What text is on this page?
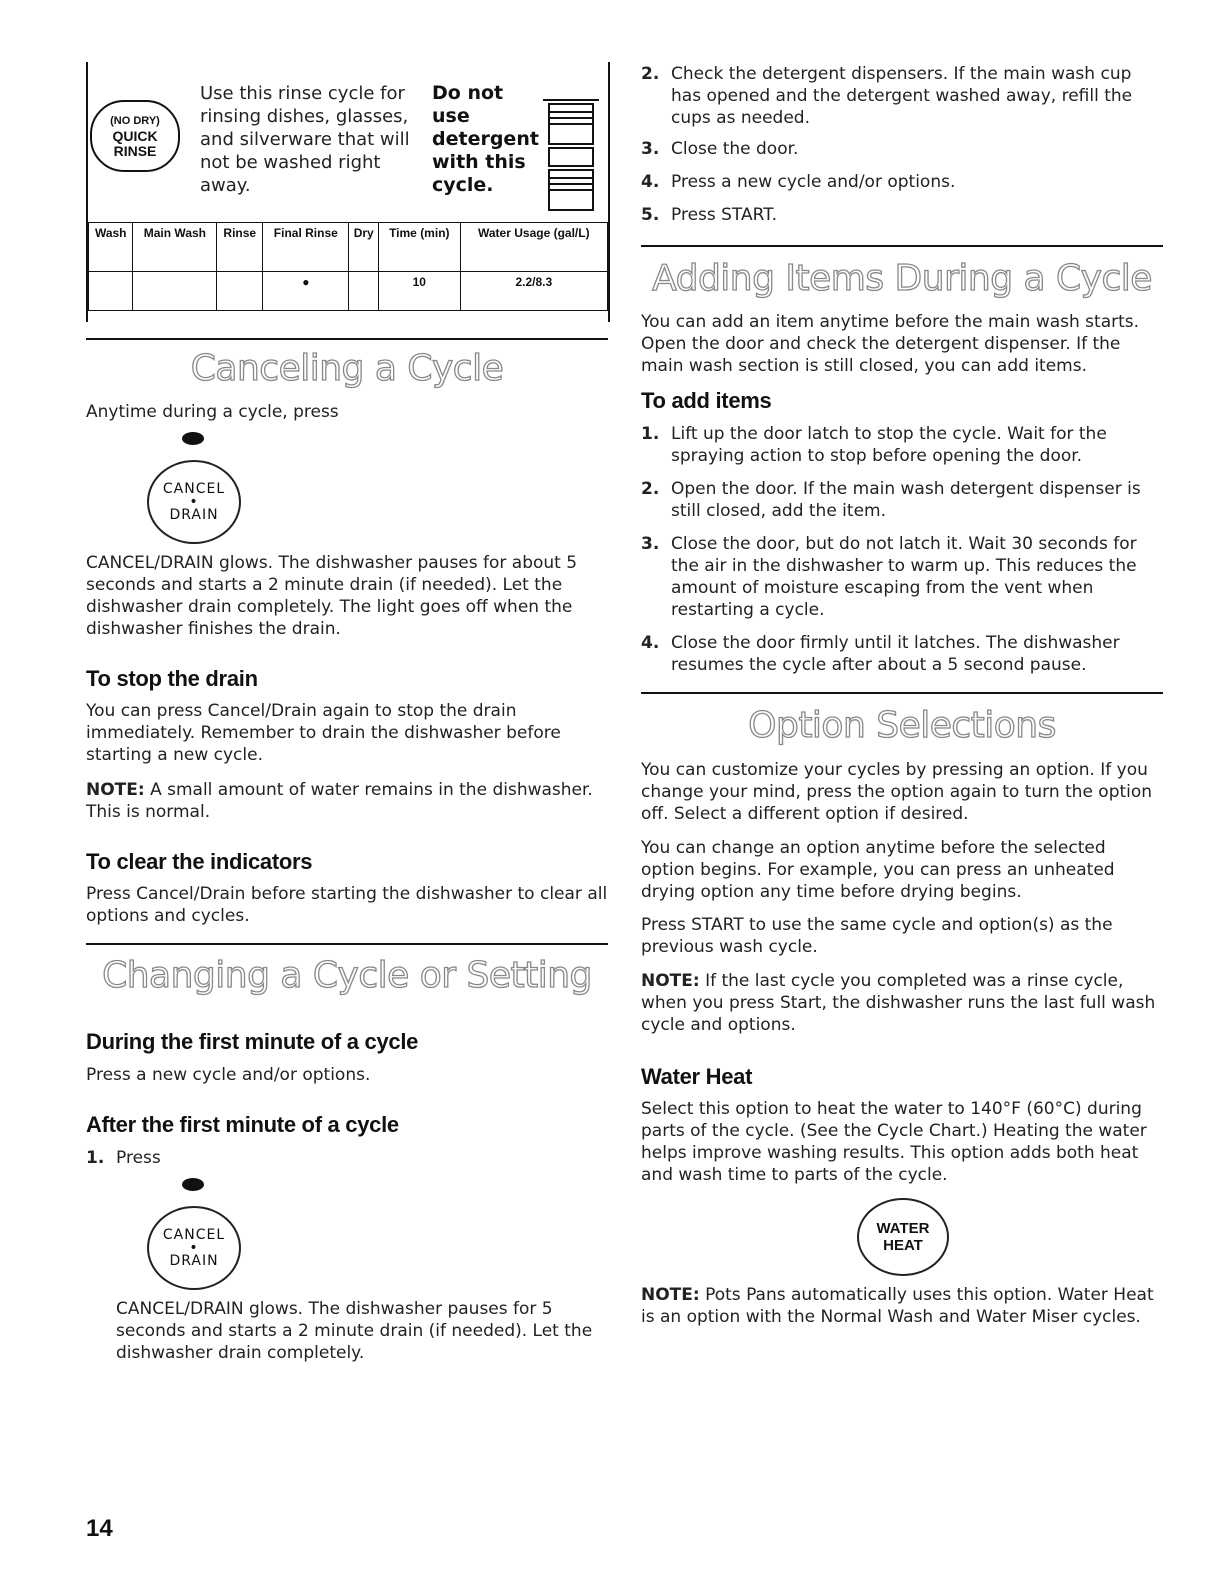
(NO DRY)
QUICK
RINSE
Use this rinse cycle for rinsing dishes, glasses, and silverware that will not be washed right away.
Do not use detergent with this cycle.
Wash	Main Wash	Rinse	Final Rinse	Dry	Time (min)	Water Usage (gal/L)
			●		10	2.2/8.3
Canceling a Cycle

Anytime during a cycle, press

CANCEL
•
DRAIN

CANCEL/DRAIN glows. The dishwasher pauses for about 5 seconds and starts a 2 minute drain (if needed). Let the dishwasher drain completely. The light goes off when the dishwasher finishes the drain.

To stop the drain

You can press Cancel/Drain again to stop the drain immediately. Remember to drain the dishwasher before starting a new cycle.

NOTE: A small amount of water remains in the dishwasher. This is normal.

To clear the indicators

Press Cancel/Drain before starting the dishwasher to clear all options and cycles.

Changing a Cycle or Setting
During the first minute of a cycle

Press a new cycle and/or options.

After the first minute of a cycle
1. Press
CANCEL
•
DRAIN

CANCEL/DRAIN glows. The dishwasher pauses for 5 seconds and starts a 2 minute drain (if needed). Let the dishwasher drain completely.

2. Check the detergent dispensers. If the main wash cup has opened and the detergent washed away, refill the cups as needed.
3. Close the door.
4. Press a new cycle and/or options.
5. Press START.
Adding Items During a Cycle

You can add an item anytime before the main wash starts. Open the door and check the detergent dispenser. If the main wash section is still closed, you can add items.

To add items
1. Lift up the door latch to stop the cycle. Wait for the spraying action to stop before opening the door.
2. Open the door. If the main wash detergent dispenser is still closed, add the item.
3. Close the door, but do not latch it. Wait 30 seconds for the air in the dishwasher to warm up. This reduces the amount of moisture escaping from the vent when restarting a cycle.
4. Close the door firmly until it latches. The dishwasher resumes the cycle after about a 5 second pause.
Option Selections

You can customize your cycles by pressing an option. If you change your mind, press the option again to turn the option off. Select a different option if desired.

You can change an option anytime before the selected option begins. For example, you can press an unheated drying option any time before drying begins.

Press START to use the same cycle and option(s) as the previous wash cycle.

NOTE: If the last cycle you completed was a rinse cycle, when you press Start, the dishwasher runs the last full wash cycle and options.

Water Heat

Select this option to heat the water to 140°F (60°C) during parts of the cycle. (See the Cycle Chart.) Heating the water helps improve washing results. This option adds both heat and wash time to parts of the cycle.

WATER
HEAT

NOTE: Pots Pans automatically uses this option. Water Heat is an option with the Normal Wash and Water Miser cycles.

14
